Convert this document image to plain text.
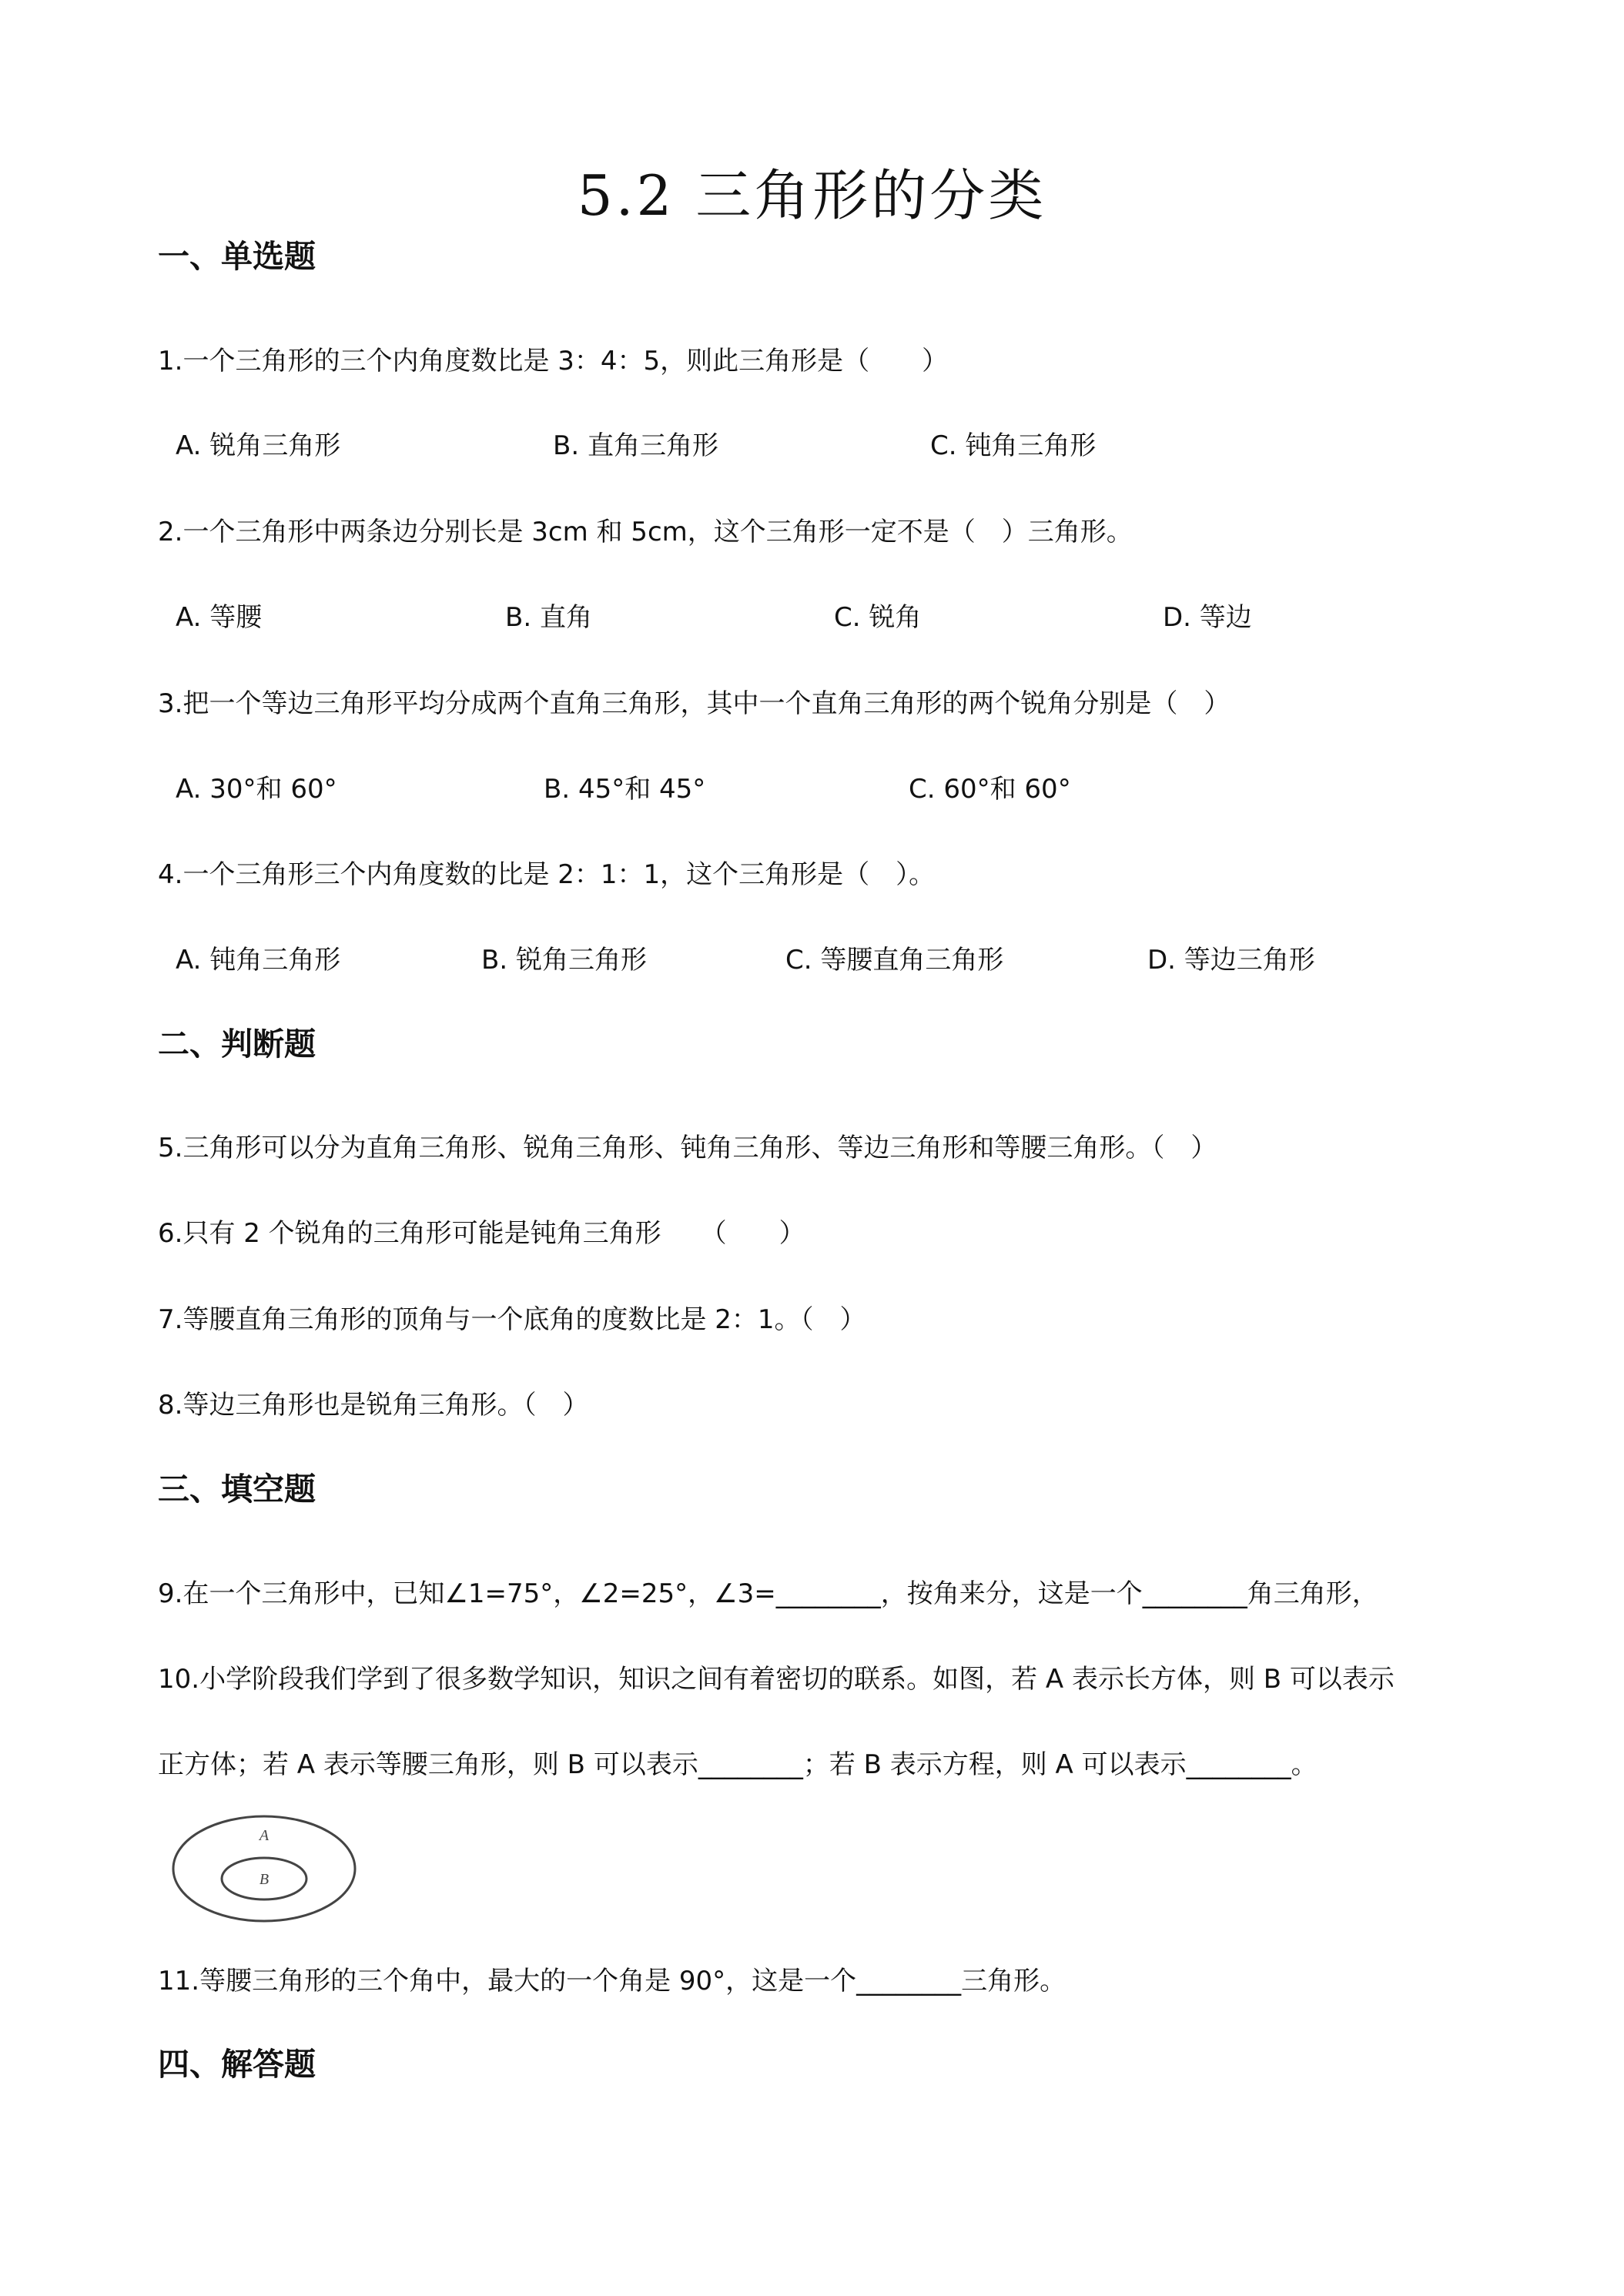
5.2 三角形的分类
一、单选题
1.一个三角形的三个内角度数比是 3：4：5，则此三角形是（　　）
A. 锐角三角形	B. 直角三角形	C. 钝角三角形
2.一个三角形中两条边分别长是 3cm 和 5cm，这个三角形一定不是（　）三角形。
A. 等腰	B. 直角	C. 锐角	D. 等边
3.把一个等边三角形平均分成两个直角三角形，其中一个直角三角形的两个锐角分别是（　）
A. 30°和 60°	B. 45°和 45°	C. 60°和 60°
4.一个三角形三个内角度数的比是 2：1：1，这个三角形是（　）。
A. 钝角三角形	B. 锐角三角形	C. 等腰直角三角形	D. 等边三角形
二、判断题
5.三角形可以分为直角三角形、锐角三角形、钝角三角形、等边三角形和等腰三角形。（　）
6.只有 2 个锐角的三角形可能是钝角三角形　　（　　）
7.等腰直角三角形的顶角与一个底角的度数比是 2：1。（　）
8.等边三角形也是锐角三角形。（　）
三、填空题
9.在一个三角形中，已知∠1=75°，∠2=25°，∠3=________，按角来分，这是一个________角三角形，
10.小学阶段我们学到了很多数学知识，知识之间有着密切的联系。如图，若 A 表示长方体，则 B 可以表示
正方体；若 A 表示等腰三角形，则 B 可以表示________；若 B 表示方程，则 A 可以表示________。
A
B
11.等腰三角形的三个角中，最大的一个角是 90°，这是一个________三角形。
四、解答题
